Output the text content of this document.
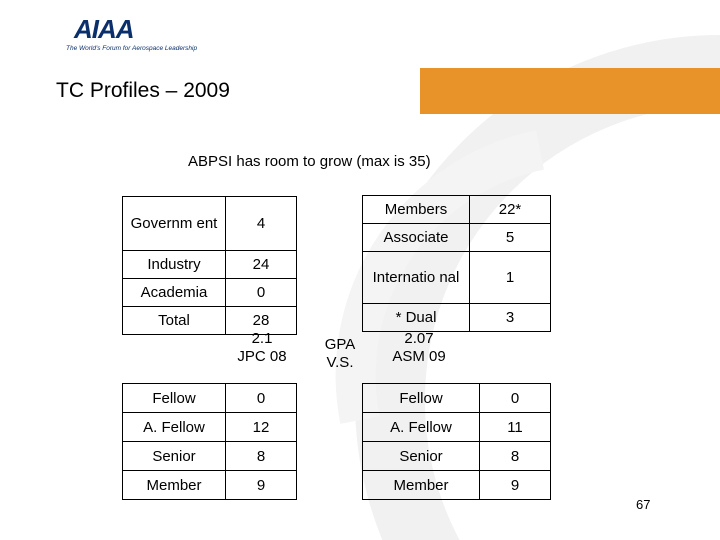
AIAA
The World's Forum for Aerospace Leadership
TC Profiles – 2009
ABPSI has room to grow (max is 35)
Governm ent	4
Industry	24
Academia	0
Total	28
Members	22*
Associate	5
Internatio nal	1
* Dual	3
2.1
JPC 08
GPA
V.S.
2.07
ASM 09
Fellow	0
A. Fellow	12
Senior	8
Member	9
Fellow	0
A. Fellow	11
Senior	8
Member	9
67
